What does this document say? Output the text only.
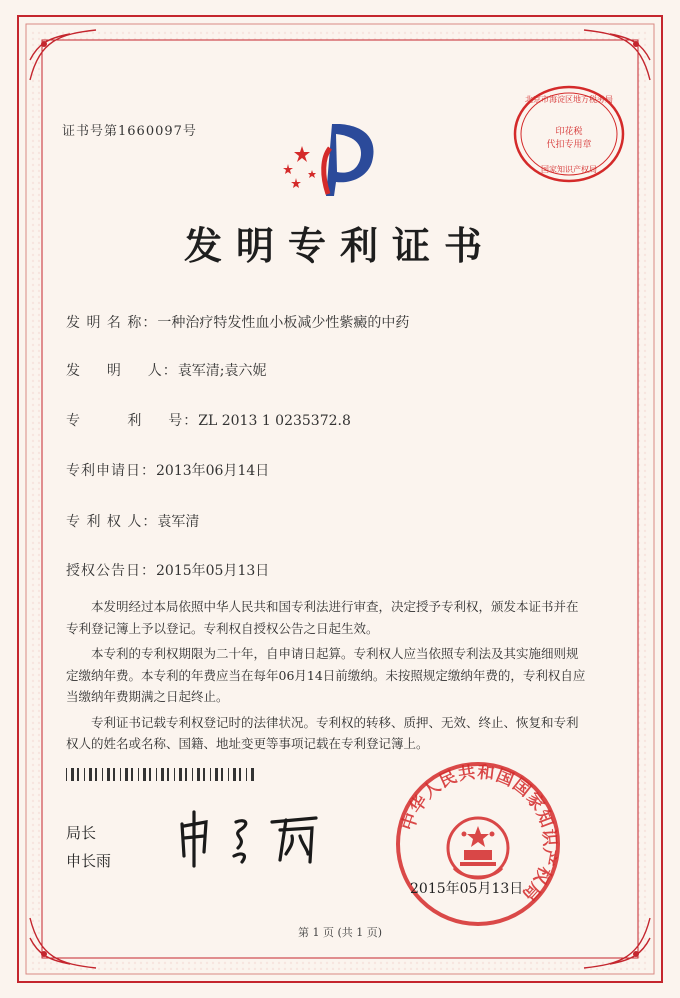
证书号第1660097号
北京市海淀区地方税务局
印花税
代扣专用章
国家知识产权局
发明专利证书
发 明 名 称：一种治疗特发性血小板减少性紫癜的中药
发 　 明 　 人：袁军清;袁六妮
专 　 　 利 　 号：ZL 2013 1 0235372.8
专利申请日：2013年06月14日
专 利 权 人：袁军清
授权公告日：2015年05月13日

本发明经过本局依照中华人民共和国专利法进行审查，决定授予专利权，颁发本证书并在专利登记簿上予以登记。专利权自授权公告之日起生效。

本专利的专利权期限为二十年，自申请日起算。专利权人应当依照专利法及其实施细则规定缴纳年费。本专利的年费应当在每年06月14日前缴纳。未按照规定缴纳年费的，专利权自应当缴纳年费期满之日起终止。

专利证书记载专利权登记时的法律状况。专利权的转移、质押、无效、终止、恢复和专利权人的姓名或名称、国籍、地址变更等事项记载在专利登记簿上。

局长
申长雨
中华人民共和国国家知识产权局
2015年05月13日
第 1 页 (共 1 页)
